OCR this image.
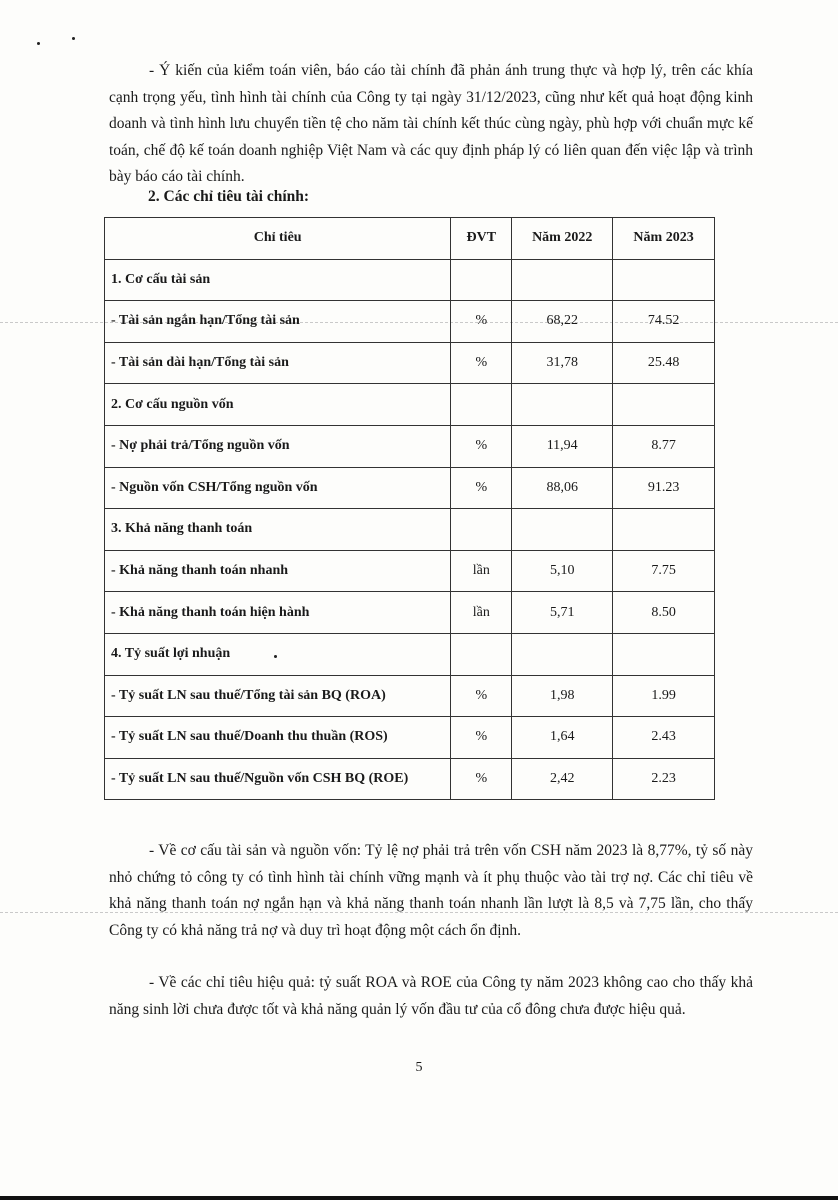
- Ý kiến của kiểm toán viên, báo cáo tài chính đã phản ánh trung thực và hợp lý, trên các khía cạnh trọng yếu, tình hình tài chính của Công ty tại ngày 31/12/2023, cũng như kết quả hoạt động kinh doanh và tình hình lưu chuyển tiền tệ cho năm tài chính kết thúc cùng ngày, phù hợp với chuẩn mực kế toán, chế độ kế toán doanh nghiệp Việt Nam và các quy định pháp lý có liên quan đến việc lập và trình bày báo cáo tài chính.

2. Các chỉ tiêu tài chính:
Chỉ tiêu	ĐVT	Năm 2022	Năm 2023
1. Cơ cấu tài sản			
- Tài sản ngắn hạn/Tổng tài sản	%	68,22	74.52
- Tài sản dài hạn/Tổng tài sản	%	31,78	25.48
2. Cơ cấu nguồn vốn			
- Nợ phải trả/Tổng nguồn vốn	%	11,94	8.77
- Nguồn vốn CSH/Tổng nguồn vốn	%	88,06	91.23
3. Khả năng thanh toán			
- Khả năng thanh toán nhanh	lần	5,10	7.75
- Khả năng thanh toán hiện hành	lần	5,71	8.50
4. Tỷ suất lợi nhuận			
- Tỷ suất LN sau thuế/Tổng tài sản BQ (ROA)	%	1,98	1.99
- Tỷ suất LN sau thuế/Doanh thu thuần (ROS)	%	1,64	2.43
- Tỷ suất LN sau thuế/Nguồn vốn CSH BQ (ROE)	%	2,42	2.23

- Về cơ cấu tài sản và nguồn vốn: Tỷ lệ nợ phải trả trên vốn CSH năm 2023 là 8,77%, tỷ số này nhỏ chứng tỏ công ty có tình hình tài chính vững mạnh và ít phụ thuộc vào tài trợ nợ. Các chỉ tiêu về khả năng thanh toán nợ ngắn hạn và khả năng thanh toán nhanh lần lượt là 8,5 và 7,75 lần, cho thấy Công ty có khả năng trả nợ và duy trì hoạt động một cách ổn định.

- Về các chỉ tiêu hiệu quả: tỷ suất ROA và ROE của Công ty năm 2023 không cao cho thấy khả năng sinh lời chưa được tốt và khả năng quản lý vốn đầu tư của cổ đông chưa được hiệu quả.

5
